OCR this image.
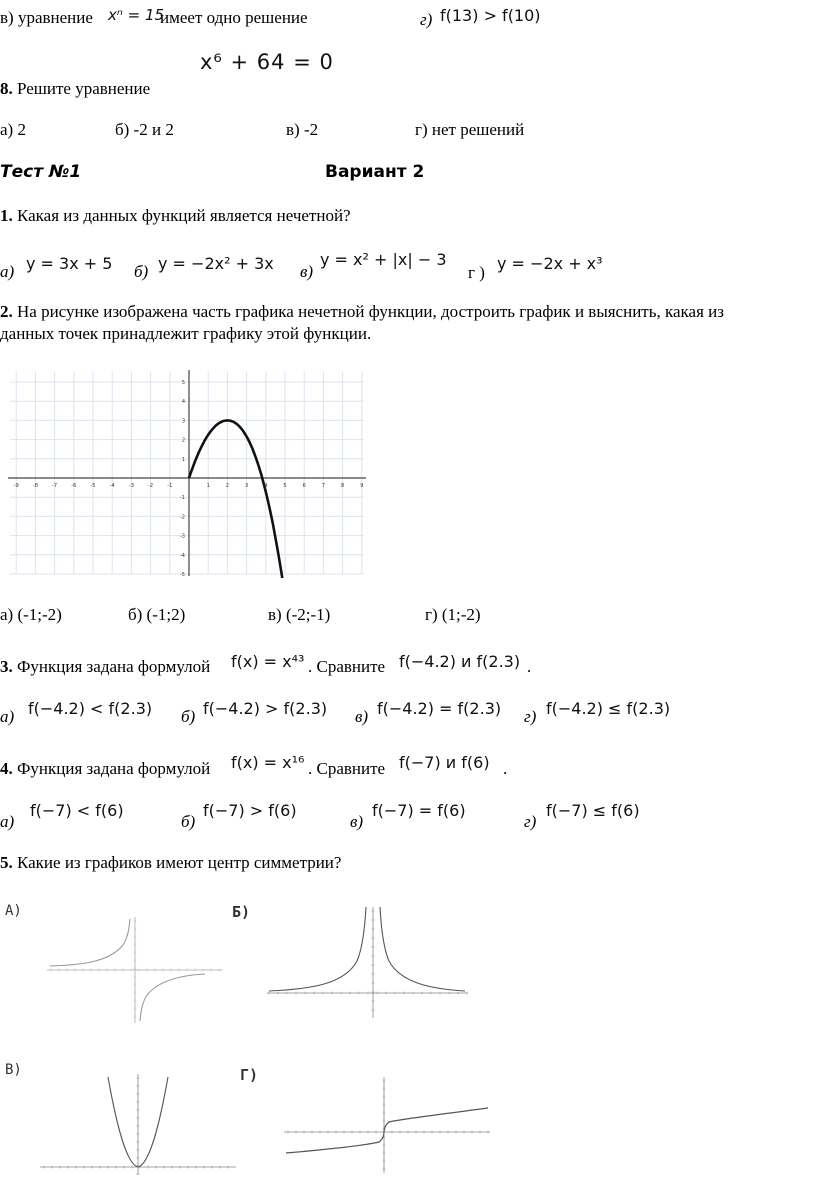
в) уравнение xⁿ = 15
имеет одно решение	г) f(13) > f(10)
x⁶ + 64 = 0
8. Решите уравнение
а) 2	б) -2 и 2	в) -2	г) нет решений
Тест №1	Вариант 2
1. Какая из данных функций является нечетной?
а) y = 3x + 5 б) y = −2x² + 3x в)
y = x² + |x| − 3
г ) y = −2x + x³
2. На рисунке изображена часть графика нечетной функции, достроить график и выяснить, какая из
данных точек принадлежит графику этой функции.
-9	-8	-7	-6	-5	-4	-3	-2	-1	1	2	3	4	5	6	7	8	9
5
4
3
2
1
-1
-2
-3
-4
-5
а) (-1;-2)	б) (-1;2)	в) (-2;-1)	г) (1;-2)
3. Функция задана формулой f(x) = x⁴³ . Сравните f(−4.2) и f(2.3) .
а) f(−4.2) < f(2.3) б) f(−4.2) > f(2.3) в) f(−4.2) = f(2.3) г) f(−4.2) ≤ f(2.3)
4. Функция задана формулой f(x) = x¹⁶ . Сравните f(−7) и f(6) .
а)
f(−7) < f(6)
б)
f(−7) > f(6)
в)
f(−7) = f(6)
г)
f(−7) ≤ f(6)
5. Какие из графиков имеют центр симметрии?
А)	Б)
В)	Г)
